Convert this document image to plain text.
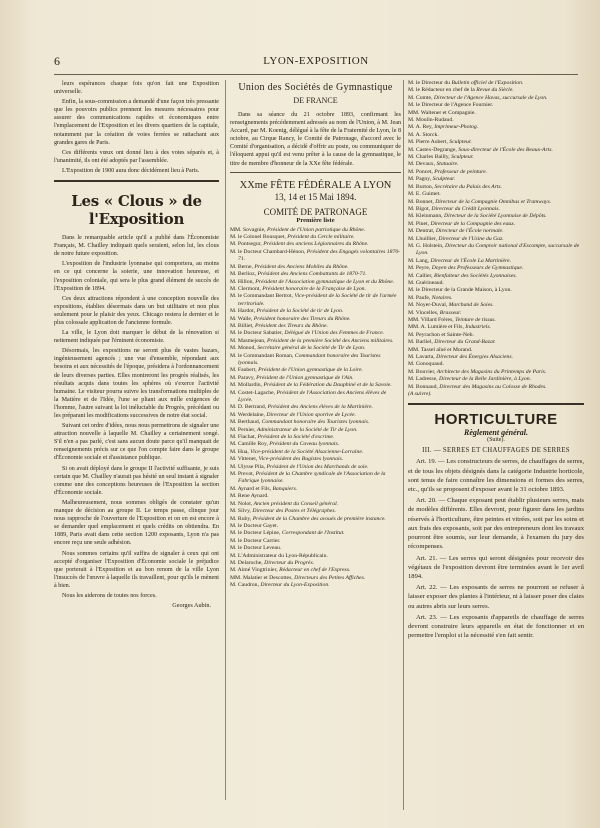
6	LYON-EXPOSITION

leurs espérances chaque fois qu'on fait une Exposition universelle.

Enfin, la sous-commission a demandé d'une façon très pressante que les pouvoirs publics prennent les mesures nécessaires pour assurer des communications rapides et économiques entre l'emplacement de l'Exposition et les divers quartiers de la capitale, notamment par la création de voies ferrées se rattachant aux grandes gares de Paris.

Ces différents vœux ont donné lieu à des votes séparés et, à l'unanimité, ils ont été adoptés par l'assemblée.

L'Exposition de 1900 aura donc décidément lieu à Paris.

Les « Clous » de l'Exposition

Dans le remarquable article qu'il a publié dans l'Économiste Français, M. Chailley indiquait quels seraient, selon lui, les clous de notre future exposition.

L'exposition de l'industrie lyonnaise qui comportera, au moins en ce qui concerne la soierie, une innovation heureuse, et l'exposition coloniale, qui sera le plus grand élément de succès de l'Exposition de 1894.

Ces deux attractions répondent à une conception nouvelle des expositions, établies désormais dans un but utilitaire et non plus seulement pour le plaisir des yeux. Chicago restera le dernier et le plus colossale application de l'ancienne formule.

La ville, le Lyon doit marquer le début de la rénovation si nettement indiquée par l'éminent économiste.

Désormais, les expositions ne seront plus de vastes bazars, ingénieusement agencés ; une vue d'ensemble, répondant aux besoins et aux nécessités de l'époque, présidera à l'ordonnancement de leurs diverses parties. Elles montreront les progrès réalisés, les résultats acquis dans toutes les sphères où s'exerce l'activité humaine. Le visiteur pourra suivre les transformations multiples de la Matière et de l'Idée, l'une se pliant aux mille exigences de l'homme, l'autre suivant la loi inéluctable du Progrès, précédant ou les préparant les modifications successives de notre état social.

Suivant cet ordre d'idées, nous nous permettrons de signaler une attraction nouvelle à laquelle M. Chailley a certainement songé. S'il n'en a pas parlé, c'est sans aucun doute parce qu'il manquait de renseignements précis sur ce que l'on compte faire dans le groupe d'Économie sociale et d'assistance publique.

Si on avait déployé dans le groupe II l'activité suffisante, je suis certain que M. Chailley n'aurait pas hésité un seul instant à signaler comme une des conceptions heureuses de l'Exposition la section d'Économie sociale.

Malheureusement, nous sommes obligés de constater qu'un manque de décision au groupe II. Le temps passe, clinque jour nous rapproche de l'ouverture de l'Exposition et on en est encore à se demander quel emplacement et quels crédits on obtiendra. En 1889, Paris avait dans cette section 1200 exposants, Lyon n'a pas encore reçu une seule adhésion.

Nous sommes certains qu'il suffira de signaler à ceux qui ont accepté d'organiser l'Exposition d'Économie sociale le préjudice que porterait à l'Exposition et au bon renom de la ville Lyon l'insuccès de l'œuvre à laquelle ils travaillent, pour qu'ils le mènent à bien.

Nous les aiderons de toutes nos forces.

Georges Aubin.
Union des Sociétés de Gymnastique
DE FRANCE

Dans sa séance du 21 octobre 1893, confirmant les renseignements précédemment adressés au nom de l'Union, à M. Jean Accard, par M. Koenig, délégué à la fête de la Fraternité de Lyon, le 8 octobre, au Cirque Rancy, le Comité de Patronage, d'accord avec le Comité d'organisation, a décidé d'offrir au poste, ou communiquer de l'éloquent appui qu'il est venu prêter à la cause de la gymnastique, le titre de membre d'honneur de la XXe fête fédérale.

XXme FÊTE FÉDÉRALE A LYON
13, 14 et 15 Mai 1894.
COMITÉ DE PATRONAGE
Première liste
MM. Sovagnie, Président de l'Union patriotique du Rhône.
M. le Colonel Bousquet, Président du Cercle militaire.
M. Pontsegur, Président des anciens Légionnaires du Rhône.
M. le Docteur Chambard-Hénon, Président des Engagés volontaires 1870-71.
M. Berne, Président des Anciens Mobiles du Rhône.
M. Berlioz, Président des Anciens Combattants de 1870-71.
M. Hillon, Président de l'Association gymnastique de Lyon et du Rhône.
M. Clermont, Président honoraire de la Française de Lyon.
M. le Commandant Bertrot, Vice-président de la Société de tir de l'armée territoriale.
M. Hardot, Président de la Société de tir de Lyon.
M. Walle, Président honoraire des Tireurs du Rhône.
M. Billiet, Président des Tireurs du Rhône.
M. le Docteur Sabatier, Délégué de l'Union des Femmes de France.
M. Masmejean, Président de la première Société des Anciens militaires.
M. Monod, Secrétaire général de la Société de Tir de Lyon.
M. le Commandant Roman, Commandant honoraire des Touristes lyonnais.
M. Faubert, Président de l'Union gymnastique de la Loire.
M. Paravy, Président de l'Union gymnastique de l'Ain.
M. Mollardin, Président de la Fédération du Dauphiné et de la Savoie.
M. Costet-Lagache, Président de l'Association des Anciens élèves de Lycée.
M. D. Bertrand, Président des Anciens élèves de la Martinière.
M. Werdelaine, Directeur de l'Union sportive de Lycée.
M. Berthaud, Commandant honoraire des Touristes lyonnais.
M. Pernier, Administrateur de la Société de Tir de Lyon.
M. Flachat, Président de la Société d'escrime.
M. Camille Roy, Président du Caveau lyonnais.
M. Hua, Vice-président de la Société Alsacienne-Lorraine.
M. Vittenet, Vice-président des Bugistes lyonnais.
M. Ulysse Pila, Président de l'Union des Marchands de soie.
M. Prevot, Président de la Chambre syndicale de l'Association de la Fabrique lyonnaise.
M. Aynard et Fils, Banquiers.
M. Rene Aynard.
M. Nolot, Ancien président du Conseil général.
M. Silvy, Directeur des Postes et Télégraphes.
M. Ruby, Président de la Chambre des avoués de première instance.
M. le Docteur Gayet.
M. le Docteur Lépine, Correspondant de l'Institut.
M. le Docteur Carrier.
M. le Docteur Leveau.
M. L'Administrateur du Lyon-Républicain.
M. Delaroche, Directeur du Progrès.
M. Aimé Vingtrinier, Rédacteur en chef de l'Express.
MM. Malatier et Descottes, Directeurs des Petites Affiches.
M. Caudron, Directeur du Lyon-Exposition.
M. le Directeur du Bulletin officiel de l'Exposition.
M. le Rédacteur en chef de la Revue du Siècle.
M. Comte, Directeur de l'Agence Havas, succursale de Lyon.
M. le Directeur de l'Agence Fournier.
MM. Waltener et Compagnie.
M. Moulin-Rudaud.
M. A. Rey, Imprimeur-Photog.
M. A. Storck.
M. Pierre Aubert, Sculpteur.
M. Castex-Degrange, Sous-directeur de l'École des Beaux-Arts.
M. Charles Bailly, Sculpteur.
M. Devaux, Statuaire.
M. Poncet, Professeur de peinture.
M. Pagny, Sculpteur.
M. Burton, Secrétaire du Palais des Arts.
M. E. Guimet.
M. Bonnet, Directeur de la Compagnie Omnibus et Tramways.
M. Bigot, Directeur du Crédit Lyonnais.
M. Kleinmann, Directeur de la Société Lyonnaise de Dépôts.
M. Pinet, Directeur de la Compagnie des eaux.
M. Dentrat, Directeur de l'École normale.
M. Lhuillier, Directeur de l'Usine du Gaz.
M. G. Holstein, Directeur du Comptoir national d'Escompte, succursale de Lyon.
M. Lang, Directeur de l'École La Martinière.
M. Peyre, Doyen des Professeurs de Gymnastique.
M. Callier, Bienfaiteur des Sociétés Lyonnaises.
M. Guérineaud.
M. le Directeur de la Grande Maison, à Lyon.
M. Paufe, Notaires.
M. Noyer-Duval, Marchand de Soies.
M. Vincelles, Brasseur.
MM. Villard Frères, Teinture de tissus.
MM. A. Lumière et Fils, Industriels.
M. Peyrachon et Sainte-Neb.
M. Barliel, Directeur du Grand-Bazar.
MM. Tassel aîné et Morand.
M. Lavarta, Directeur des Énergies Alsaciens.
M. Gonoquaud.
M. Bouvier, Architecte des Magasins du Printemps de Paris.
M. Ladresse, Directeur de la Belle Jardinière, à Lyon.
M. Bonnaud, Directeur des Magasins au Colosse de Rhodes.
(A suivre).
HORTICULTURE
Règlement général.
(Suite).
III. — SERRES ET CHAUFFAGES DE SERRES

Art. 19. — Les constructeurs de serres, de chauffages de serres, et de tous les objets désignés dans la catégorie Industrie horticole, sont tenus de faire connaître les dimensions et formes des serres, etc., qu'ils se proposent d'exposer avant le 31 octobre 1893.

Art. 20. — Chaque exposant peut établir plusieurs serres, mais de modèles différents. Elles devront, pour figurer dans les jardins réservés à l'horticulture, être peintes et vitrées, soit par les soins et aux frais des exposants, soit par des entrepreneurs dont les travaux pourront être soumis, sur leur demande, à l'examen du jury des récompenses.

Art. 21. — Les serres qui seront désignées pour recevoir des végétaux de l'exposition devront être terminées avant le 1er avril 1894.

Art. 22. — Les exposants de serres ne pourront se refuser à laisser exposer des plantes à l'intérieur, ni à laisser poser des claies ou autres abris sur leurs serres.

Art. 23. — Les exposants d'appareils de chauffage de serres devront construire leurs appareils en état de fonctionner et en permettre l'emploi si la nécessité s'en fait sentir.
